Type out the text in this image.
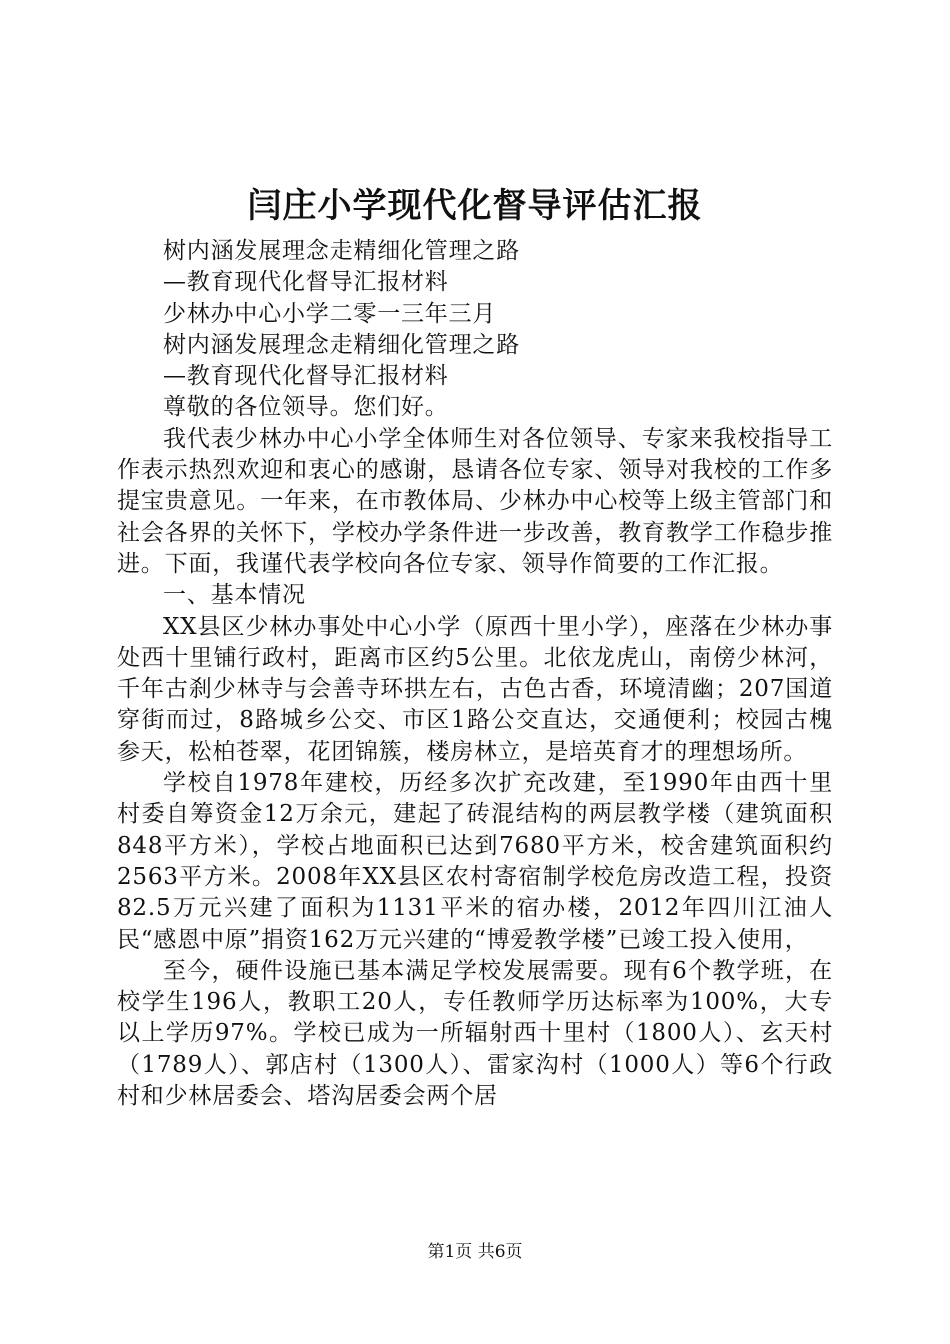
闫庄小学现代化督导评估汇报

树内涵发展理念走精细化管理之路

—教育现代化督导汇报材料

少林办中心小学二零一三年三月

树内涵发展理念走精细化管理之路

—教育现代化督导汇报材料

尊敬的各位领导。您们好。

我代表少林办中心小学全体师生对各位领导、专家来我校指导工作表示热烈欢迎和衷心的感谢，恳请各位专家、领导对我校的工作多提宝贵意见。一年来，在市教体局、少林办中心校等上级主管部门和社会各界的关怀下，学校办学条件进一步改善，教育教学工作稳步推进。下面，我谨代表学校向各位专家、领导作简要的工作汇报。

一、基本情况

XX县区少林办事处中心小学（原西十里小学），座落在少林办事处西十里铺行政村，距离市区约5公里。北依龙虎山，南傍少林河，千年古刹少林寺与会善寺环拱左右，古色古香，环境清幽；207国道穿街而过，8路城乡公交、市区1路公交直达，交通便利；校园古槐参天，松柏苍翠，花团锦簇，楼房林立，是培英育才的理想场所。

学校自1978年建校，历经多次扩充改建，至1990年由西十里村委自筹资金12万余元，建起了砖混结构的两层教学楼（建筑面积848平方米），学校占地面积已达到7680平方米，校舍建筑面积约2563平方米。2008年XX县区农村寄宿制学校危房改造工程，投资82.5万元兴建了面积为1131平米的宿办楼，2012年四川江油人民“感恩中原”捐资162万元兴建的“博爱教学楼”已竣工投入使用，

至今，硬件设施已基本满足学校发展需要。现有6个教学班，在校学生196人，教职工20人，专任教师学历达标率为100%，大专以上学历97%。学校已成为一所辐射西十里村（1800人）、玄天村（1789人）、郭店村（1300人）、雷家沟村（1000人）等6个行政村和少林居委会、塔沟居委会两个居

第1页 共6页
